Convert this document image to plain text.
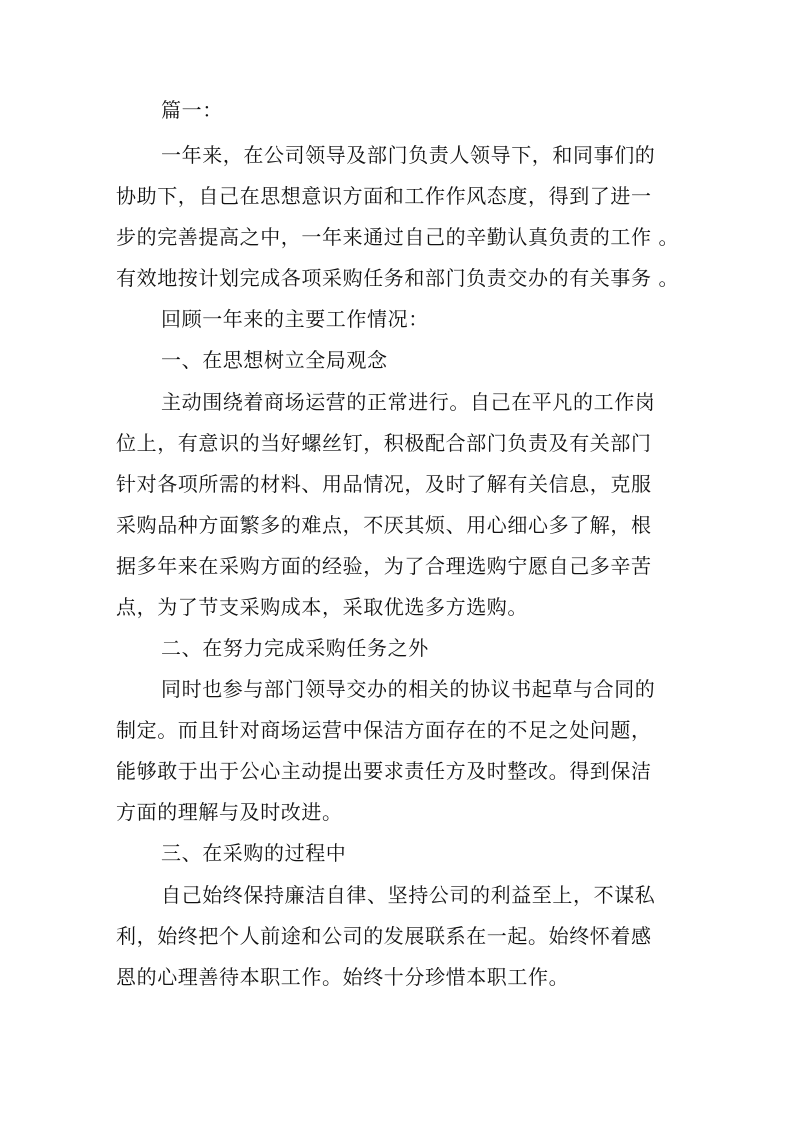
篇一：
一年来，在公司领导及部门负责人领导下，和同事们的
协助下，自己在思想意识方面和工作作风态度，得到了进一
步的完善提高之中，一年来通过自己的辛勤认真负责的工作 。
有效地按计划完成各项采购任务和部门负责交办的有关事务 。
回顾一年来的主要工作情况：
一、在思想树立全局观念
主动围绕着商场运营的正常进行。自己在平凡的工作岗
位上，有意识的当好螺丝钉，积极配合部门负责及有关部门
针对各项所需的材料、用品情况，及时了解有关信息，克服
采购品种方面繁多的难点，不厌其烦、用心细心多了解，根
据多年来在采购方面的经验，为了合理选购宁愿自己多辛苦
点，为了节支采购成本，采取优选多方选购。
二、在努力完成采购任务之外
同时也参与部门领导交办的相关的协议书起草与合同的
制定。而且针对商场运营中保洁方面存在的不足之处问题，
能够敢于出于公心主动提出要求责任方及时整改。得到保洁
方面的理解与及时改进。
三、在采购的过程中
自己始终保持廉洁自律、坚持公司的利益至上，不谋私
利，始终把个人前途和公司的发展联系在一起。始终怀着感
恩的心理善待本职工作。始终十分珍惜本职工作。
